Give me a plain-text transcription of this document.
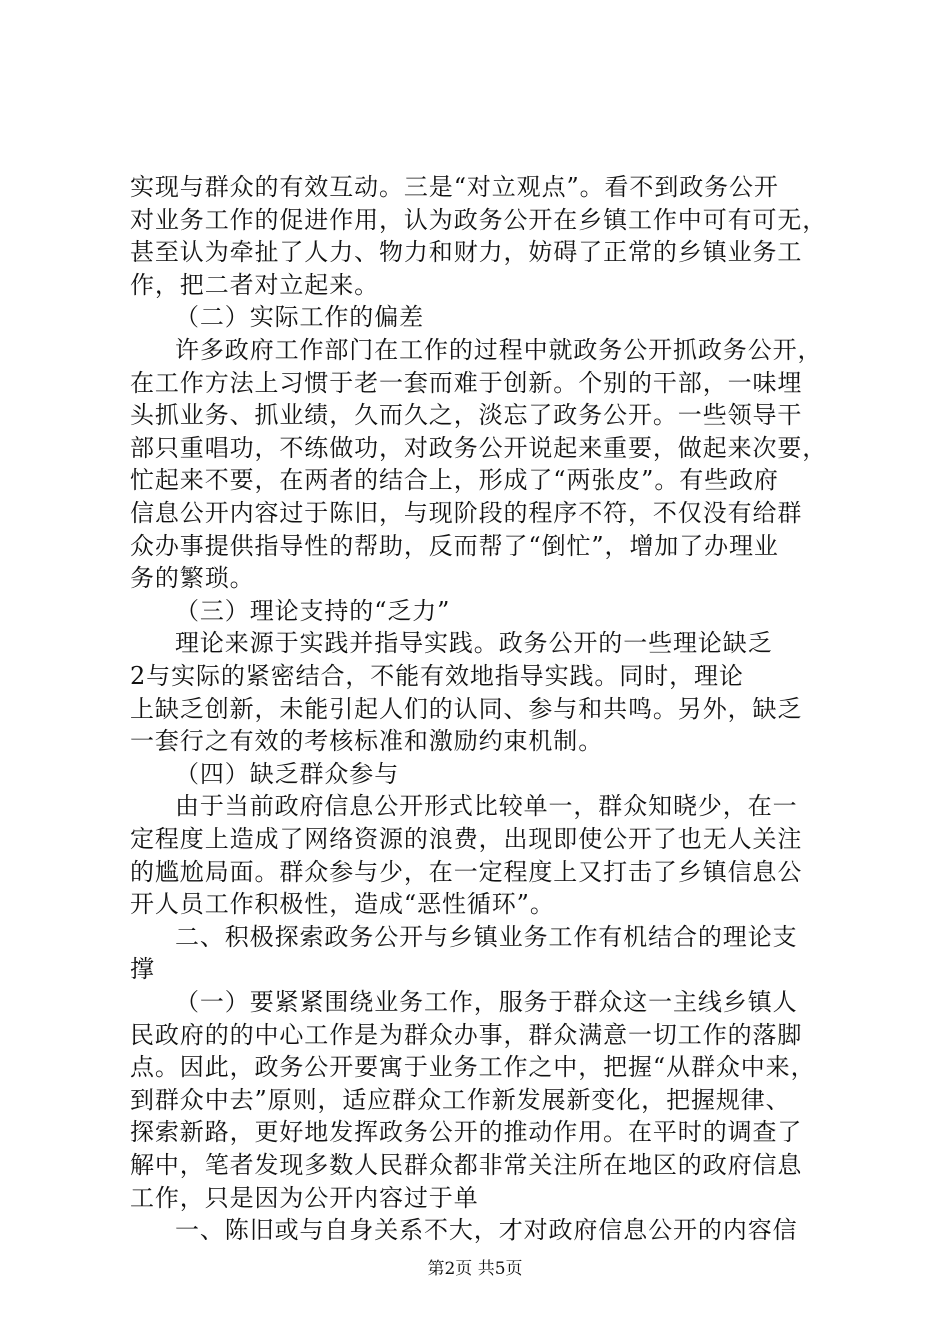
实现与群众的有效互动。三是“对立观点”。看不到政务公开
对业务工作的促进作用，认为政务公开在乡镇工作中可有可无，
甚至认为牵扯了人力、物力和财力，妨碍了正常的乡镇业务工
作，把二者对立起来。
（二）实际工作的偏差
许多政府工作部门在工作的过程中就政务公开抓政务公开，
在工作方法上习惯于老一套而难于创新。个别的干部，一味埋
头抓业务、抓业绩，久而久之，淡忘了政务公开。一些领导干
部只重唱功，不练做功，对政务公开说起来重要，做起来次要，
忙起来不要，在两者的结合上，形成了“两张皮”。有些政府
信息公开内容过于陈旧，与现阶段的程序不符，不仅没有给群
众办事提供指导性的帮助，反而帮了“倒忙”，增加了办理业
务的繁琐。
（三）理论支持的“乏力”
理论来源于实践并指导实践。政务公开的一些理论缺乏
2与实际的紧密结合，不能有效地指导实践。同时，理论
上缺乏创新，未能引起人们的认同、参与和共鸣。另外，缺乏
一套行之有效的考核标准和激励约束机制。
（四）缺乏群众参与
由于当前政府信息公开形式比较单一，群众知晓少，在一
定程度上造成了网络资源的浪费，出现即使公开了也无人关注
的尴尬局面。群众参与少，在一定程度上又打击了乡镇信息公
开人员工作积极性，造成“恶性循环”。
二、积极探索政务公开与乡镇业务工作有机结合的理论支
撑
（一）要紧紧围绕业务工作，服务于群众这一主线乡镇人
民政府的的中心工作是为群众办事，群众满意一切工作的落脚
点。因此，政务公开要寓于业务工作之中，把握“从群众中来，
到群众中去”原则，适应群众工作新发展新变化，把握规律、
探索新路，更好地发挥政务公开的推动作用。在平时的调查了
解中，笔者发现多数人民群众都非常关注所在地区的政府信息
工作，只是因为公开内容过于单
一、陈旧或与自身关系不大，才对政府信息公开的内容信
第2页 共5页
